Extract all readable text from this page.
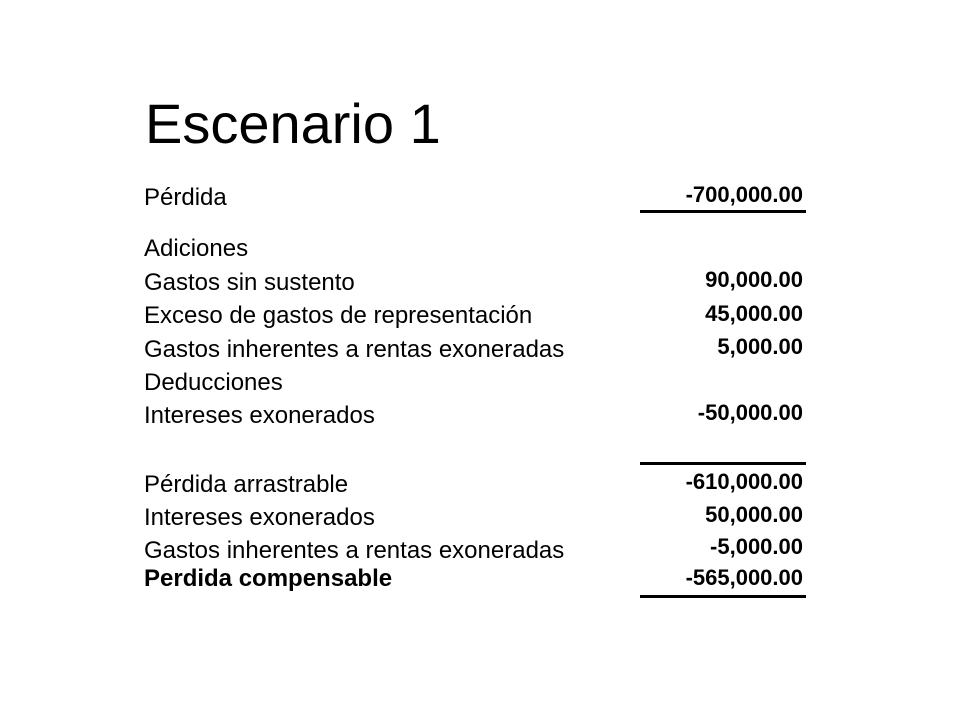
Escenario 1
Pérdida	-700,000.00
Adiciones
Gastos sin sustento	90,000.00
Exceso de gastos de representación	45,000.00
Gastos inherentes a rentas exoneradas	5,000.00
Deducciones
Intereses exonerados	-50,000.00
Pérdida arrastrable	-610,000.00
Intereses exonerados	50,000.00
Gastos inherentes a rentas exoneradas	-5,000.00
Perdida compensable	-565,000.00
